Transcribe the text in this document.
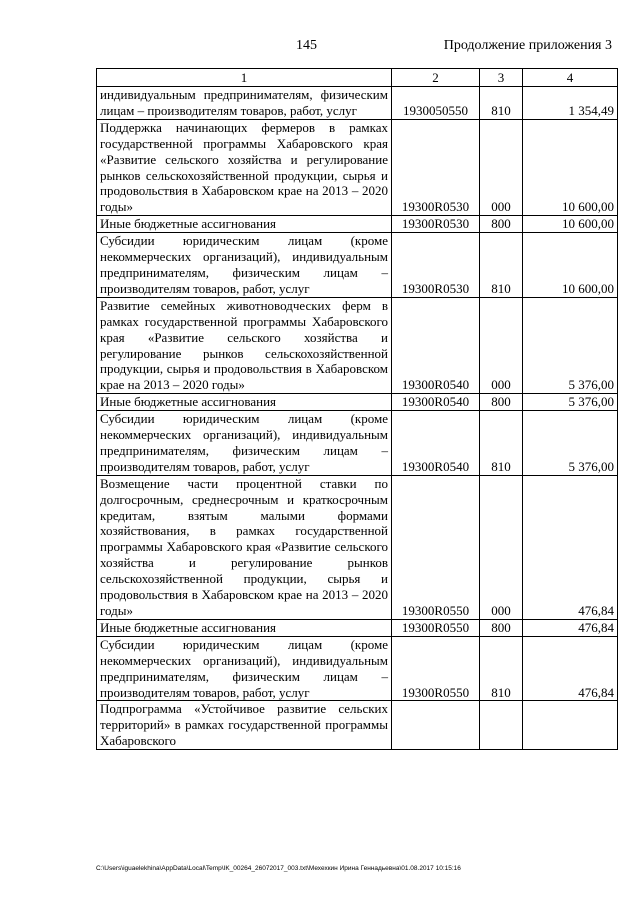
145	Продолжение приложения 3
1	2	3	4
индивидуальным предпринимателям, физическим лицам – производителям товаров, работ, услуг	1930050550	810	1 354,49
Поддержка начинающих фермеров в рамках государственной программы Хабаровского края «Развитие сельского хозяйства и регулирование рынков сельскохозяйственной продукции, сырья и продовольствия в Хабаровском крае на 2013 – 2020 годы»	19300R0530	000	10 600,00
Иные бюджетные ассигнования	19300R0530	800	10 600,00
Субсидии юридическим лицам (кроме некоммерческих организаций), индивидуальным предпринимателям, физическим лицам – производителям товаров, работ, услуг	19300R0530	810	10 600,00
Развитие семейных животноводческих ферм в рамках государственной программы Хабаровского края «Развитие сельского хозяйства и регулирование рынков сельскохозяйственной продукции, сырья и продовольствия в Хабаровском крае на 2013 – 2020 годы»	19300R0540	000	5 376,00
Иные бюджетные ассигнования	19300R0540	800	5 376,00
Субсидии юридическим лицам (кроме некоммерческих организаций), индивидуальным предпринимателям, физическим лицам – производителям товаров, работ, услуг	19300R0540	810	5 376,00
Возмещение части процентной ставки по долгосрочным, среднесрочным и краткосрочным кредитам, взятым малыми формами хозяйствования, в рамках государственной программы Хабаровского края «Развитие сельского хозяйства и регулирование рынков сельскохозяйственной продукции, сырья и продовольствия в Хабаровском крае на 2013 – 2020 годы»	19300R0550	000	476,84
Иные бюджетные ассигнования	19300R0550	800	476,84
Субсидии юридическим лицам (кроме некоммерческих организаций), индивидуальным предпринимателям, физическим лицам – производителям товаров, работ, услуг	19300R0550	810	476,84
Подпрограмма «Устойчивое развитие сельских территорий» в рамках государственной программы Хабаровского			
C:\Users\iguaelekhina\AppData\Local\Temp\IK_00264_26072017_003.txt\Мехехкин Ирина Геннадьевна\01.08.2017 10:15:16
